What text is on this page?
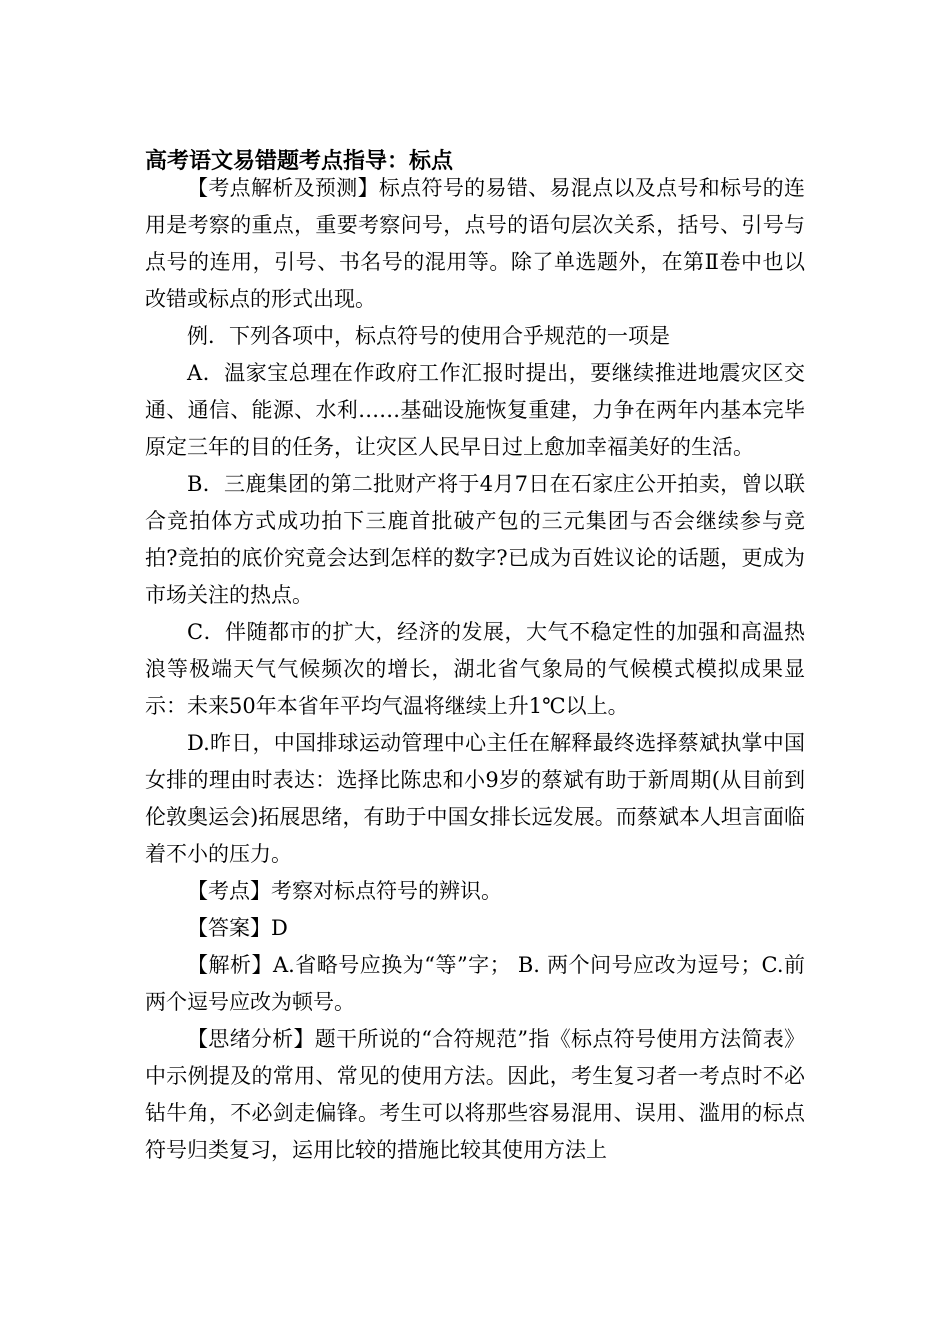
高考语文易错题考点指导：标点

【考点解析及预测】标点符号的易错、易混点以及点号和标号的连用是考察的重点，重要考察问号，点号的语句层次关系，括号、引号与点号的连用，引号、书名号的混用等。除了单选题外，在第Ⅱ卷中也以改错或标点的形式出现。

例．下列各项中，标点符号的使用合乎规范的一项是

A．温家宝总理在作政府工作汇报时提出，要继续推进地震灾区交通、通信、能源、水利……基础设施恢复重建，力争在两年内基本完毕原定三年的目的任务，让灾区人民早日过上愈加幸福美好的生活。

B．三鹿集团的第二批财产将于4月7日在石家庄公开拍卖，曾以联合竞拍体方式成功拍下三鹿首批破产包的三元集团与否会继续参与竞拍?竞拍的底价究竟会达到怎样的数字?已成为百姓议论的话题，更成为市场关注的热点。

C．伴随都市的扩大，经济的发展，大气不稳定性的加强和高温热浪等极端天气气候频次的增长，湖北省气象局的气候模式模拟成果显示：未来50年本省年平均气温将继续上升1℃以上。

D.昨日，中国排球运动管理中心主任在解释最终选择蔡斌执掌中国女排的理由时表达：选择比陈忠和小9岁的蔡斌有助于新周期(从目前到伦敦奥运会)拓展思绪，有助于中国女排长远发展。而蔡斌本人坦言面临着不小的压力。

【考点】考察对标点符号的辨识。

【答案】D

【解析】A.省略号应换为“等”字； B. 两个问号应改为逗号；C.前两个逗号应改为顿号。

【思绪分析】题干所说的“合符规范”指《标点符号使用方法简表》中示例提及的常用、常见的使用方法。因此，考生复习者一考点时不必钻牛角，不必剑走偏锋。考生可以将那些容易混用、误用、滥用的标点符号归类复习，运用比较的措施比较其使用方法上
